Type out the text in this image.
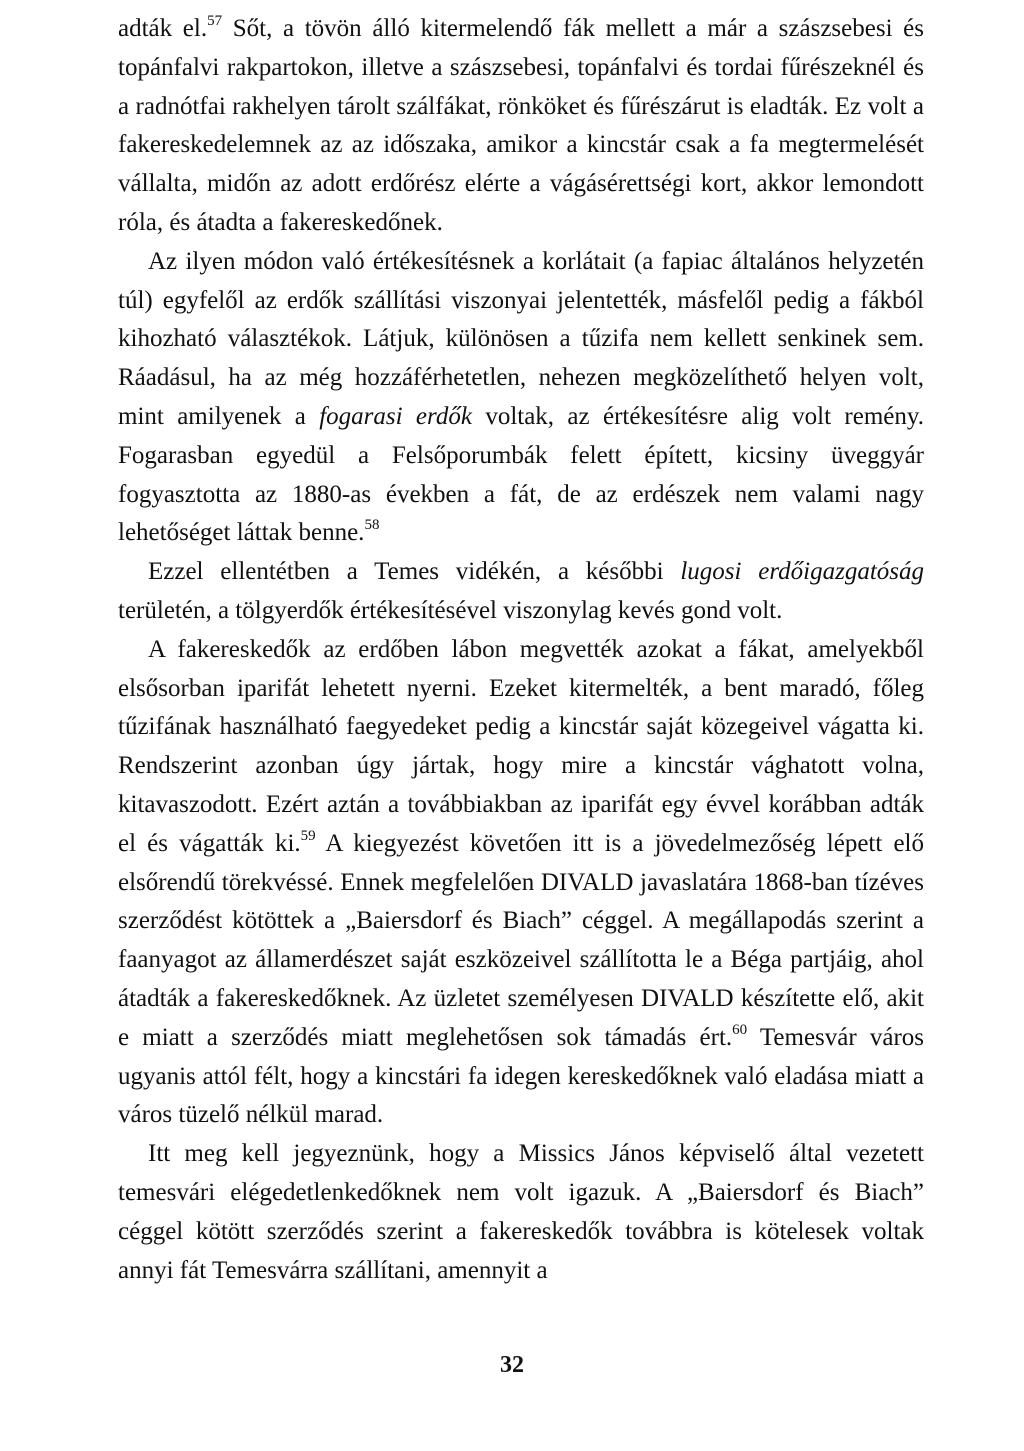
adták el.$^{57}$ Sőt, a tövön álló kitermelendő fák mellett a már a szászsebesi és topánfalvi rakpartokon, illetve a szászsebesi, topánfalvi és tordai fűrészeknél és a radnótfai rakhelyen tárolt szálfákat, rönköket és fűrészárut is eladták. Ez volt a fakereskedelemnek az az időszaka, amikor a kincstár csak a fa megtermelését vállalta, midőn az adott erdőrész elérte a vágásérettségi kort, akkor lemondott róla, és átadta a fakereskedőnek.

Az ilyen módon való értékesítésnek a korlátait (a fapiac általános helyzetén túl) egyfelől az erdők szállítási viszonyai jelentették, másfelől pedig a fákból kihozható választékok. Látjuk, különösen a tűzifa nem kellett senkinek sem. Ráadásul, ha az még hozzáférhetetlen, nehezen megközelíthető helyen volt, mint amilyenek a fogarasi erdők voltak, az értékesítésre alig volt remény. Fogarasban egyedül a Felsőporumbák felett épített, kicsiny üveggyár fogyasztotta az 1880-as években a fát, de az erdészek nem valami nagy lehetőséget láttak benne.$^{58}$

Ezzel ellentétben a Temes vidékén, a későbbi lugosi erdőigazgatóság területén, a tölgyerdők értékesítésével viszonylag kevés gond volt.

A fakereskedők az erdőben lábon megvették azokat a fákat, amelyekből elsősorban iparifát lehetett nyerni. Ezeket kitermelték, a bent maradó, főleg tűzifának használható faegyedeket pedig a kincstár saját közegeivel vágatta ki. Rendszerint azonban úgy jártak, hogy mire a kincstár vághatott volna, kitavaszodott. Ezért aztán a továbbiakban az iparifát egy évvel korábban adták el és vágatták ki.$^{59}$ A kiegyezést követően itt is a jövedelmezőség lépett elő elsőrendű törekvéssé. Ennek megfelelően DIVALD javaslatára 1868-ban tízéves szerződést kötöttek a „Baiersdorf és Biach” céggel. A megállapodás szerint a faanyagot az államerdészet saját eszközeivel szállította le a Béga partjáig, ahol átadták a fakereskedőknek. Az üzletet személyesen DIVALD készítette elő, akit e miatt a szerződés miatt meglehetősen sok támadás ért.$^{60}$ Temesvár város ugyanis attól félt, hogy a kincstári fa idegen kereskedőknek való eladása miatt a város tüzelő nélkül marad.

Itt meg kell jegyeznünk, hogy a Missics János képviselő által vezetett temesvári elégedetlenkedőknek nem volt igazuk. A „Baiersdorf és Biach” céggel kötött szerződés szerint a fakereskedők továbbra is kötelesek voltak annyi fát Temesvárra szállítani, amennyit a

32
